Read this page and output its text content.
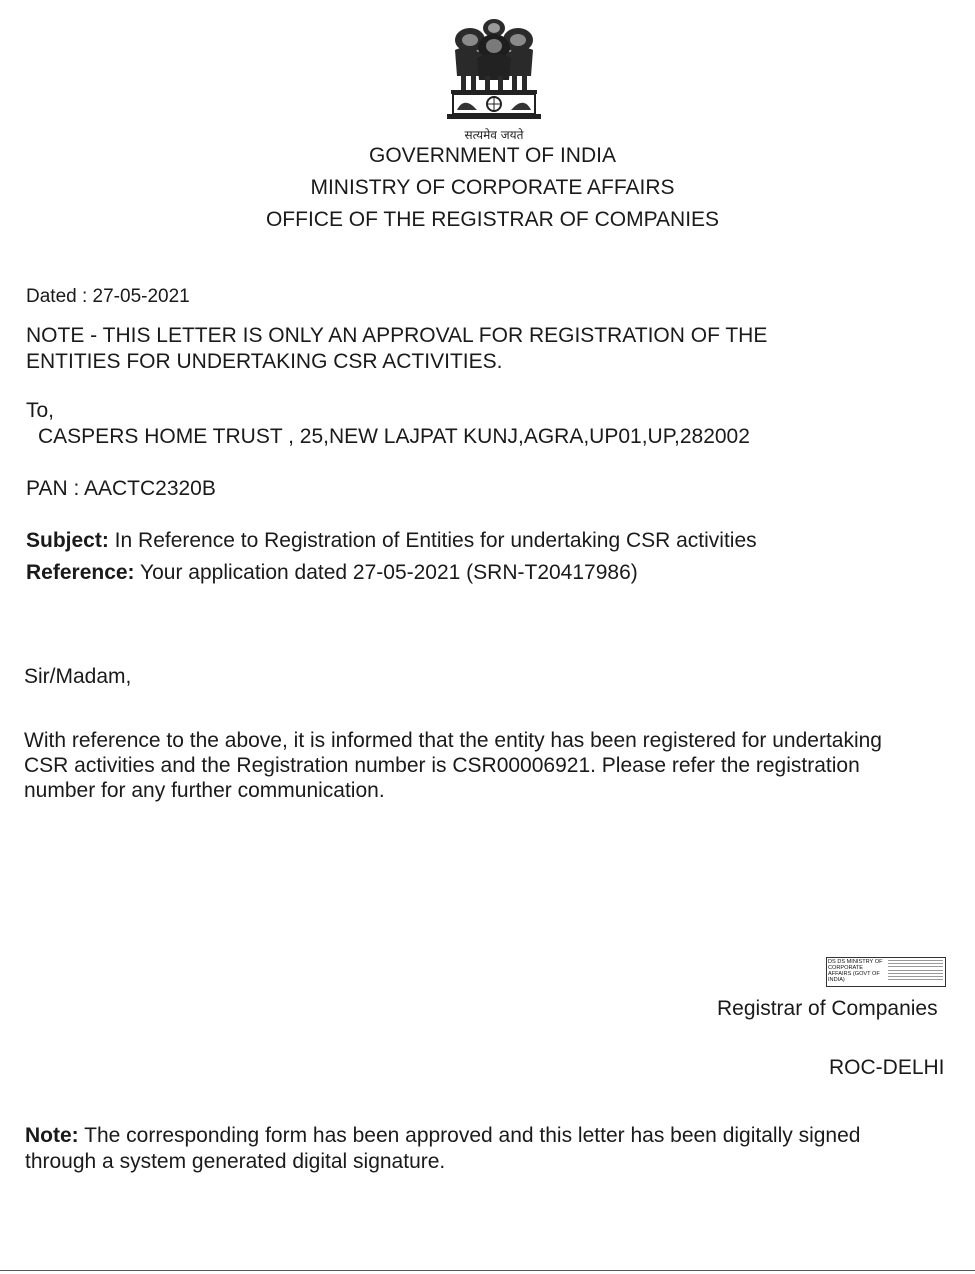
सत्यमेव जयते
GOVERNMENT OF INDIA
MINISTRY OF CORPORATE AFFAIRS
OFFICE OF THE REGISTRAR OF COMPANIES
Dated : 27-05-2021
NOTE - THIS LETTER IS ONLY AN APPROVAL FOR REGISTRATION OF THE
ENTITIES FOR UNDERTAKING CSR ACTIVITIES.
To,
CASPERS HOME TRUST , 25,NEW LAJPAT KUNJ,AGRA,UP01,UP,282002
PAN : AACTC2320B
Subject: In Reference to Registration of Entities for undertaking CSR activities
Reference: Your application dated 27-05-2021 (SRN-T20417986)
Sir/Madam,
With reference to the above, it is informed that the entity has been registered for undertaking
CSR activities and the Registration number is CSR00006921. Please refer the registration
number for any further communication.
DS DS MINISTRY OF CORPORATE AFFAIRS (GOVT OF INDIA)
Registrar of Companies
ROC-DELHI
Note: The corresponding form has been approved and this letter has been digitally signed
through a system generated digital signature.
